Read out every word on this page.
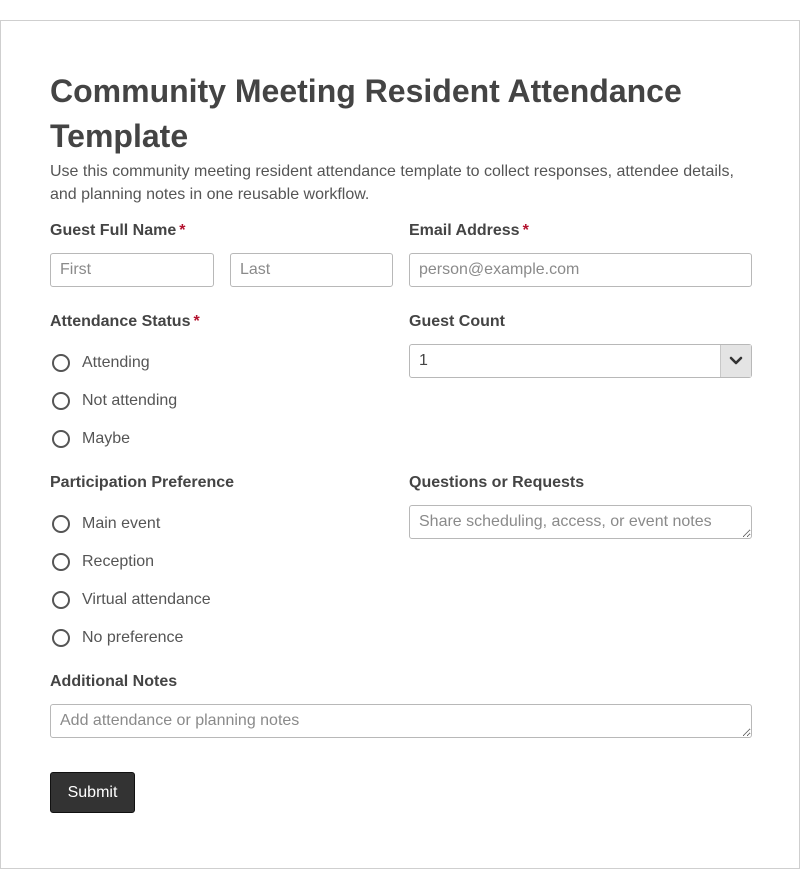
Community Meeting Resident Attendance Template

Use this community meeting resident attendance template to collect responses, attendee details, and planning notes in one reusable workflow.

Guest Full Name *
First
Last	Email Address *
person@example.com
Attendance Status *
Attending
Not attending
Maybe
Guest Count
1
Participation Preference
Main event
Reception
Virtual attendance
No preference
Questions or Requests
Share scheduling, access, or event notes
Additional Notes
Add attendance or planning notes
Submit
